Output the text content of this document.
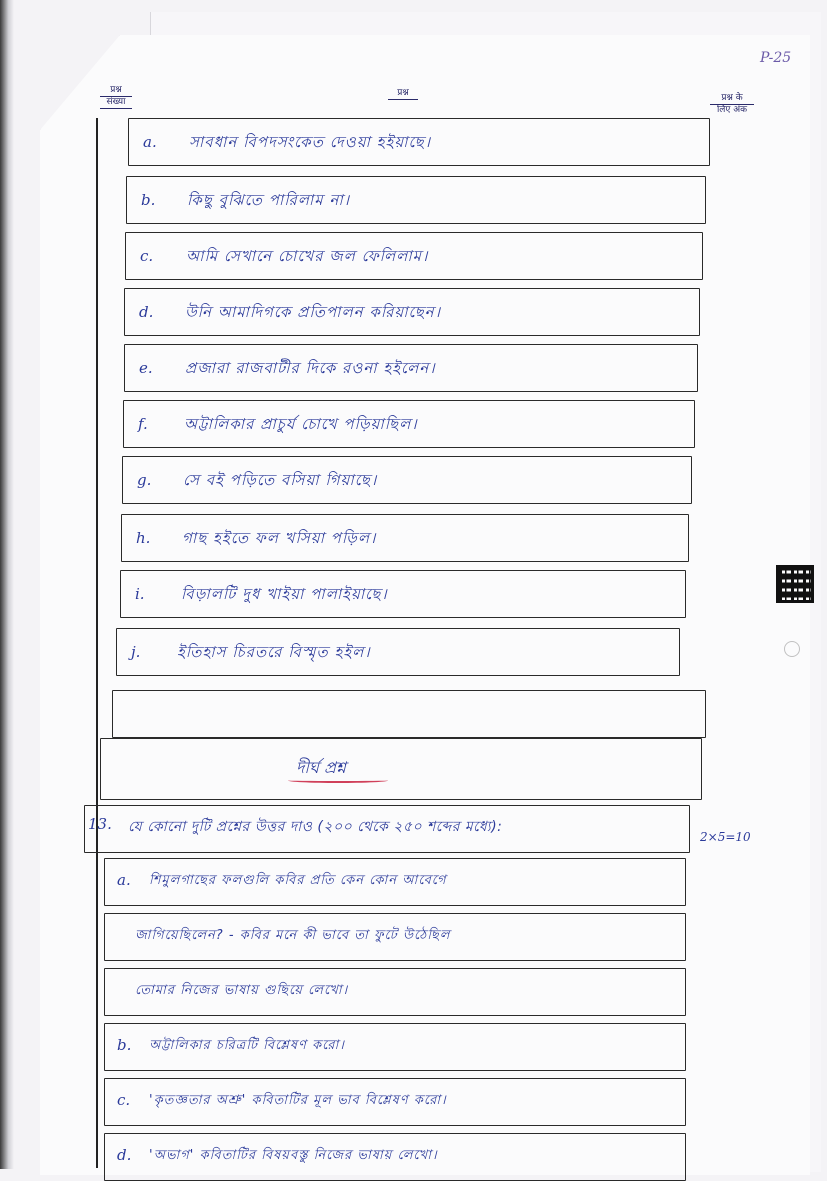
P-25
प्रश्न
संख्या
प्रश्न	प्रश्न के
लिए अंक
a. সাবধান বিপদসংকেত দেওয়া হইয়াছে।
b. কিছু বুঝিতে পারিলাম না।
c. আমি সেখানে চোখের জল ফেলিলাম।
d. উনি আমাদিগকে প্রতিপালন করিয়াছেন।
e. প্রজারা রাজবাটীর দিকে রওনা হইলেন।
f. অট্টালিকার প্রাচুর্য চোখে পড়িয়াছিল।
g. সে বই পড়িতে বসিয়া গিয়াছে।
h. গাছ হইতে ফল খসিয়া পড়িল।
i. বিড়ালটি দুধ খাইয়া পালাইয়াছে।
j. ইতিহাস চিরতরে বিস্মৃত হইল।
দীর্ঘ প্রশ্ন
13. যে কোনো দুটি প্রশ্নের উত্তর দাও (২০০ থেকে ২৫০ শব্দের মধ্যে):
2×5=10
a. শিমুলগাছের ফলগুলি কবির প্রতি কেন কোন আবেগে
জাগিয়েছিলেন? - কবির মনে কী ভাবে তা ফুটে উঠেছিল
তোমার নিজের ভাষায় গুছিয়ে লেখো।
b. অট্টালিকার চরিত্রটি বিশ্লেষণ করো।
c. 'কৃতজ্ঞতার অশ্রু' কবিতাটির মূল ভাব বিশ্লেষণ করো।
d. 'অভাগ' কবিতাটির বিষয়বস্তু নিজের ভাষায় লেখো।
